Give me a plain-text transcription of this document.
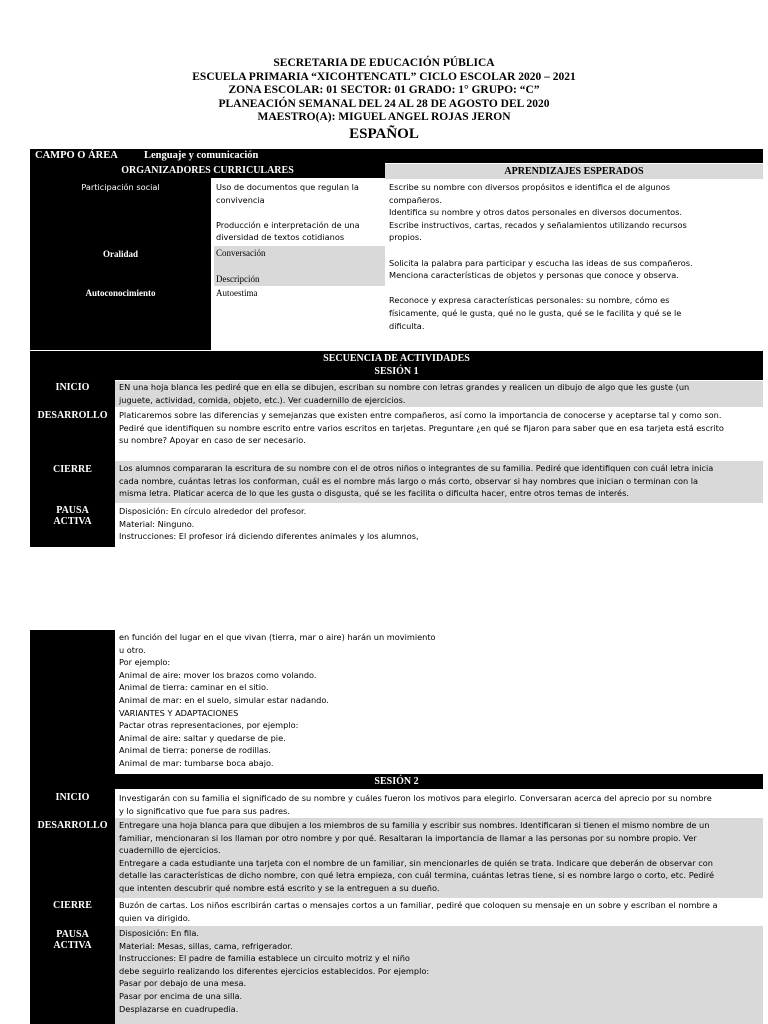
SECRETARIA DE EDUCACIÓN PÚBLICA
ESCUELA PRIMARIA “XICOHTENCATL” CICLO ESCOLAR 2020 – 2021
ZONA ESCOLAR: 01 SECTOR: 01 GRADO: 1° GRUPO: “C”
PLANEACIÓN SEMANAL DEL 24 AL 28 DE AGOSTO DEL 2020
MAESTRO(A): MIGUEL ANGEL ROJAS JERON
ESPAÑOL
CAMPO O ÁREA Lenguaje y comunicación
ORGANIZADORES CURRICULARES	APRENDIZAJES ESPERADOS
Participación social
Oralidad
Autoconocimiento
Uso de documentos que regulan la convivencia

Producción e interpretación de una diversidad de textos cotidianos
Conversación

Descripción
Autoestima
Escribe su nombre con diversos propósitos e identifica el de algunos compañeros.
Identifica su nombre y otros datos personales en diversos documentos.
Escribe instructivos, cartas, recados y señalamientos utilizando recursos propios.

Solicita la palabra para participar y escucha las ideas de sus compañeros.
Menciona características de objetos y personas que conoce y observa.

Reconoce y expresa características personales: su nombre, cómo es físicamente, qué le gusta, qué no le gusta, qué se le facilita y qué se le dificulta.
SECUENCIA DE ACTIVIDADES
SESIÓN 1
INICIO
DESARROLLO
CIERRE
PAUSA
ACTIVA
EN una hoja blanca les pediré que en ella se dibujen, escriban su nombre con letras grandes y realicen un dibujo de algo que les guste (un juguete, actividad, comida, objeto, etc.). Ver cuadernillo de ejercicios.
Platicaremos sobre las diferencias y semejanzas que existen entre compañeros, así como la importancia de conocerse y aceptarse tal y como son.
Pediré que identifiquen su nombre escrito entre varios escritos en tarjetas. Preguntare ¿en qué se fijaron para saber que en esa tarjeta está escrito su nombre? Apoyar en caso de ser necesario.
Los alumnos compararan la escritura de su nombre con el de otros niños o integrantes de su familia. Pediré que identifiquen con cuál letra inicia cada nombre, cuántas letras los conforman, cuál es el nombre más largo o más corto, observar si hay nombres que inician o terminan con la misma letra. Platicar acerca de lo que les gusta o disgusta, qué se les facilita o dificulta hacer, entre otros temas de interés.
Disposición: En círculo alrededor del profesor.
Material: Ninguno.
Instrucciones: El profesor irá diciendo diferentes animales y los alumnos,
en función del lugar en el que vivan (tierra, mar o aire) harán un movimiento
u otro.
Por ejemplo:
Animal de aire: mover los brazos como volando.
Animal de tierra: caminar en el sitio.
Animal de mar: en el suelo, simular estar nadando.
VARIANTES Y ADAPTACIONES
Pactar otras representaciones, por ejemplo:
Animal de aire: saltar y quedarse de pie.
Animal de tierra: ponerse de rodillas.
Animal de mar: tumbarse boca abajo.
SESIÓN 2
INICIO
DESARROLLO
CIERRE
PAUSA
ACTIVA
Investigarán con su familia el significado de su nombre y cuáles fueron los motivos para elegirlo. Conversaran acerca del aprecio por su nombre y lo significativo que fue para sus padres.
Entregare una hoja blanca para que dibujen a los miembros de su familia y escribir sus nombres. Identificaran si tienen el mismo nombre de un familiar, mencionaran si los llaman por otro nombre y por qué. Resaltaran la importancia de llamar a las personas por su nombre propio. Ver cuadernillo de ejercicios.
Entregare a cada estudiante una tarjeta con el nombre de un familiar, sin mencionarles de quién se trata. Indicare que deberán de observar con detalle las características de dicho nombre, con qué letra empieza, con cuál termina, cuántas letras tiene, si es nombre largo o corto, etc. Pediré que intenten descubrir qué nombre está escrito y se la entreguen a su dueño.
Buzón de cartas. Los niños escribirán cartas o mensajes cortos a un familiar, pediré que coloquen su mensaje en un sobre y escriban el nombre a quien va dirigido.
Disposición: En fila.
Material: Mesas, sillas, cama, refrigerador.
Instrucciones: El padre de familia establece un circuito motriz y el niño
debe seguirlo realizando los diferentes ejercicios establecidos. Por ejemplo:
Pasar por debajo de una mesa.
Pasar por encima de una silla.
Desplazarse en cuadrupedia.
